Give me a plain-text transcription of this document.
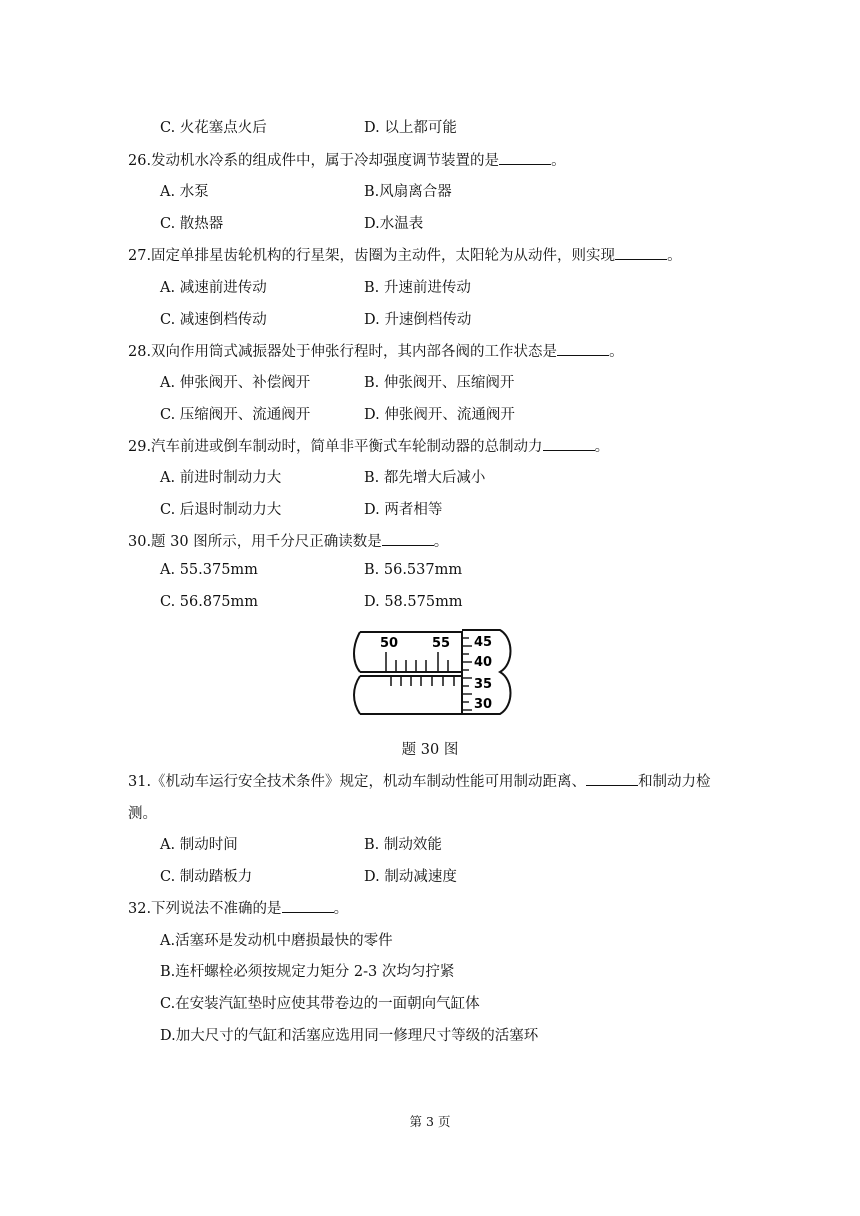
C. 火花塞点火后	D. 以上都可能
26.发动机水冷系的组成件中，属于冷却强度调节装置的是	。
A. 水泵	B.风扇离合器
C. 散热器	D.水温表
27.固定单排星齿轮机构的行星架，齿圈为主动件，太阳轮为从动件，则实现	。
A. 减速前进传动	B. 升速前进传动
C. 减速倒档传动	D. 升速倒档传动
28.双向作用筒式减振器处于伸张行程时，其内部各阀的工作状态是	。
A. 伸张阀开、补偿阀开	B. 伸张阀开、压缩阀开
C. 压缩阀开、流通阀开	D. 伸张阀开、流通阀开
29.汽车前进或倒车制动时，简单非平衡式车轮制动器的总制动力	。
A. 前进时制动力大	B. 都先增大后减小
C. 后退时制动力大	D. 两者相等
30.题 30 图所示，用千分尺正确读数是	。
A. 55.375mm	B. 56.537mm
C. 56.875mm	D. 58.575mm
50	55 45
40
35
30
题 30 图
31.《机动车运行安全技术条件》规定，机动车制动性能可用制动距离、	和制动力检
测。
A. 制动时间	B. 制动效能
C. 制动踏板力	D. 制动减速度
32.下列说法不准确的是	。
A.活塞环是发动机中磨损最快的零件
B.连杆螺栓必须按规定力矩分 2-3 次均匀拧紧
C.在安装汽缸垫时应使其带卷边的一面朝向气缸体
D.加大尺寸的气缸和活塞应选用同一修理尺寸等级的活塞环
第 3 页
